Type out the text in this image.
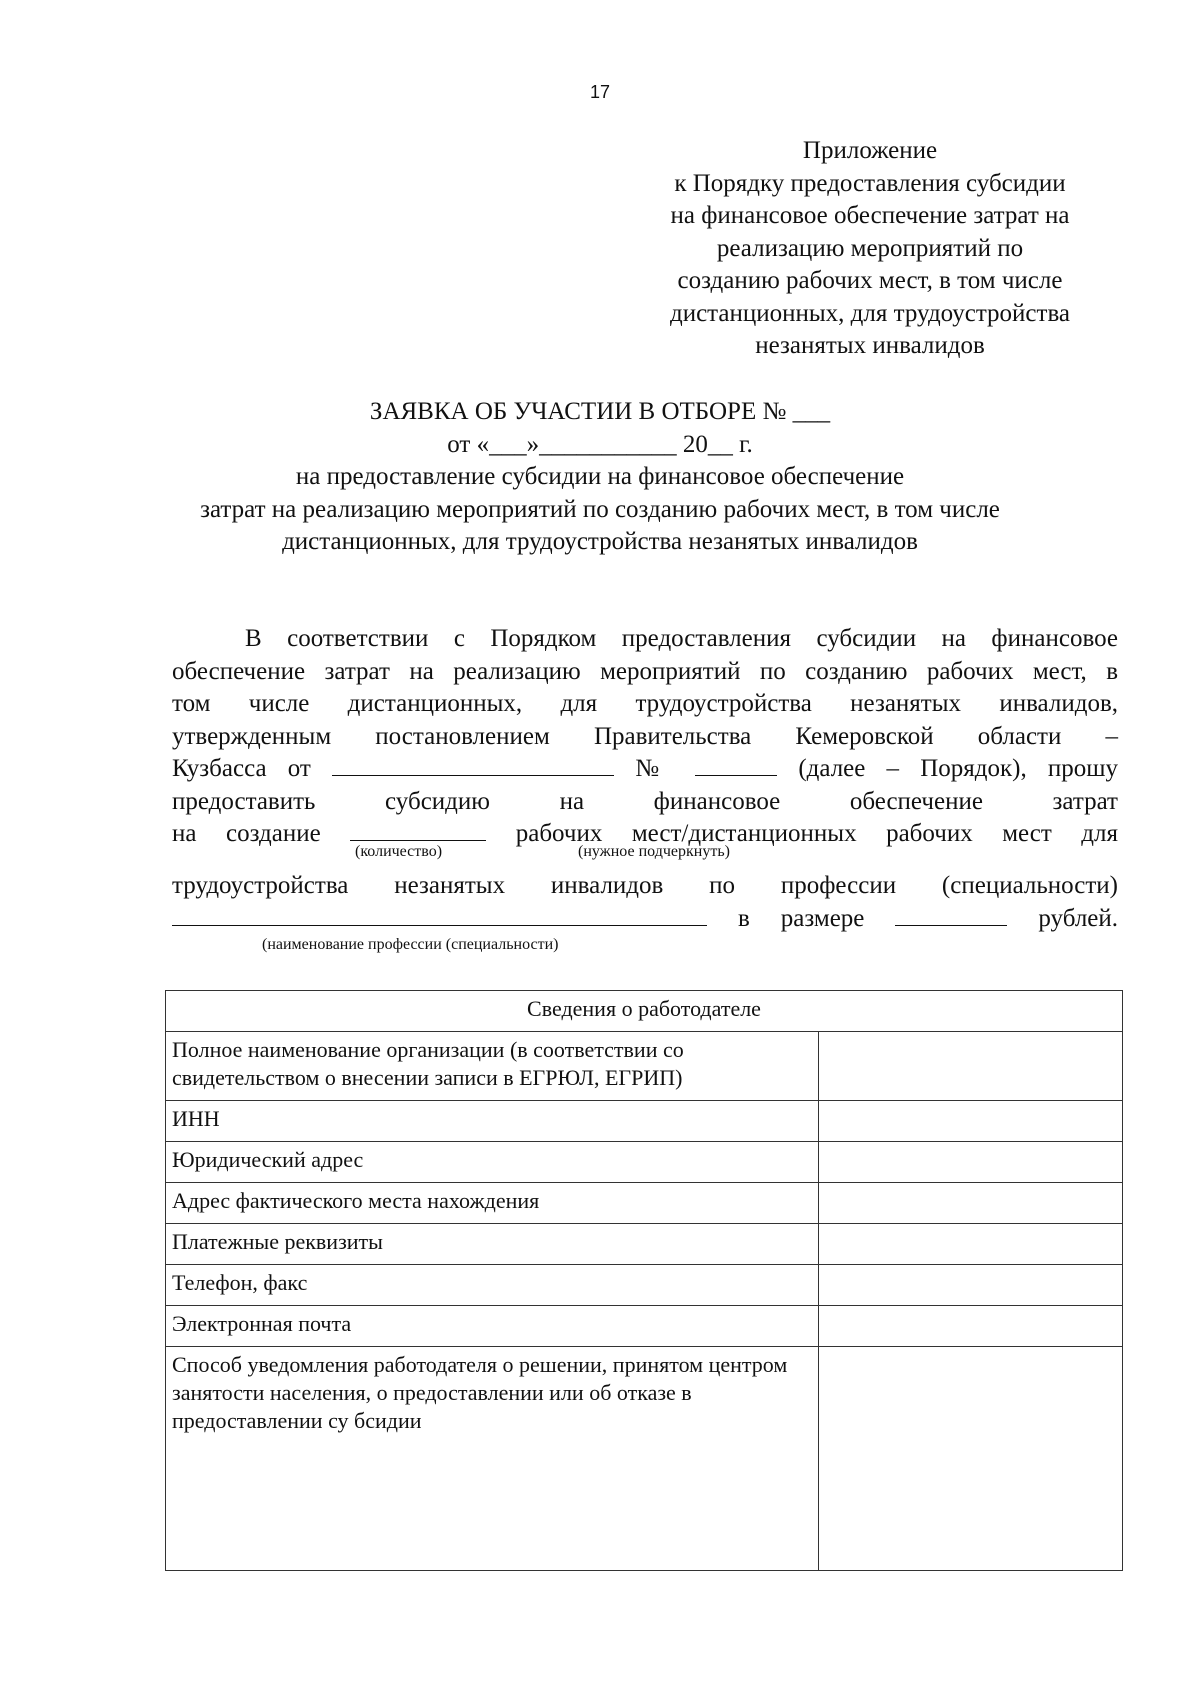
17
Приложение
к Порядку предоставления субсидии
на финансовое обеспечение затрат на
реализацию мероприятий по
созданию рабочих мест, в том числе
дистанционных, для трудоустройства
незанятых инвалидов
ЗАЯВКА ОБ УЧАСТИИ В ОТБОРЕ № ___
от «___»___________ 20__ г.
на предоставление субсидии на финансовое обеспечение
затрат на реализацию мероприятий по созданию рабочих мест, в том числе
дистанционных, для трудоустройства незанятых инвалидов
В соответствии с Порядком предоставления субсидии на финансовое
обеспечение затрат на реализацию мероприятий по созданию рабочих мест, в
том числе дистанционных, для трудоустройства незанятых инвалидов,
утвержденным постановлением Правительства Кемеровской области –
Кузбасса от	№	(далее – Порядок), прошу
предоставить субсидию на финансовое обеспечение затрат
на создание	рабочих мест/дистанционных рабочих мест для
(количество)	(нужное подчеркнуть)
трудоустройства незанятых инвалидов по профессии (специальности)
в размере	рублей.
(наименование профессии (специальности)
Сведения о работодателе	
Полное наименование организации (в соответствии со свидетельством о внесении записи в ЕГРЮЛ, ЕГРИП)	
ИНН	
Юридический адрес	
Адрес фактического места нахождения	
Платежные реквизиты	
Телефон, факс	
Электронная почта	
Способ уведомления работодателя о решении, принятом центром занятости населения, о предоставлении или об отказе в предоставлении су бсидии	
